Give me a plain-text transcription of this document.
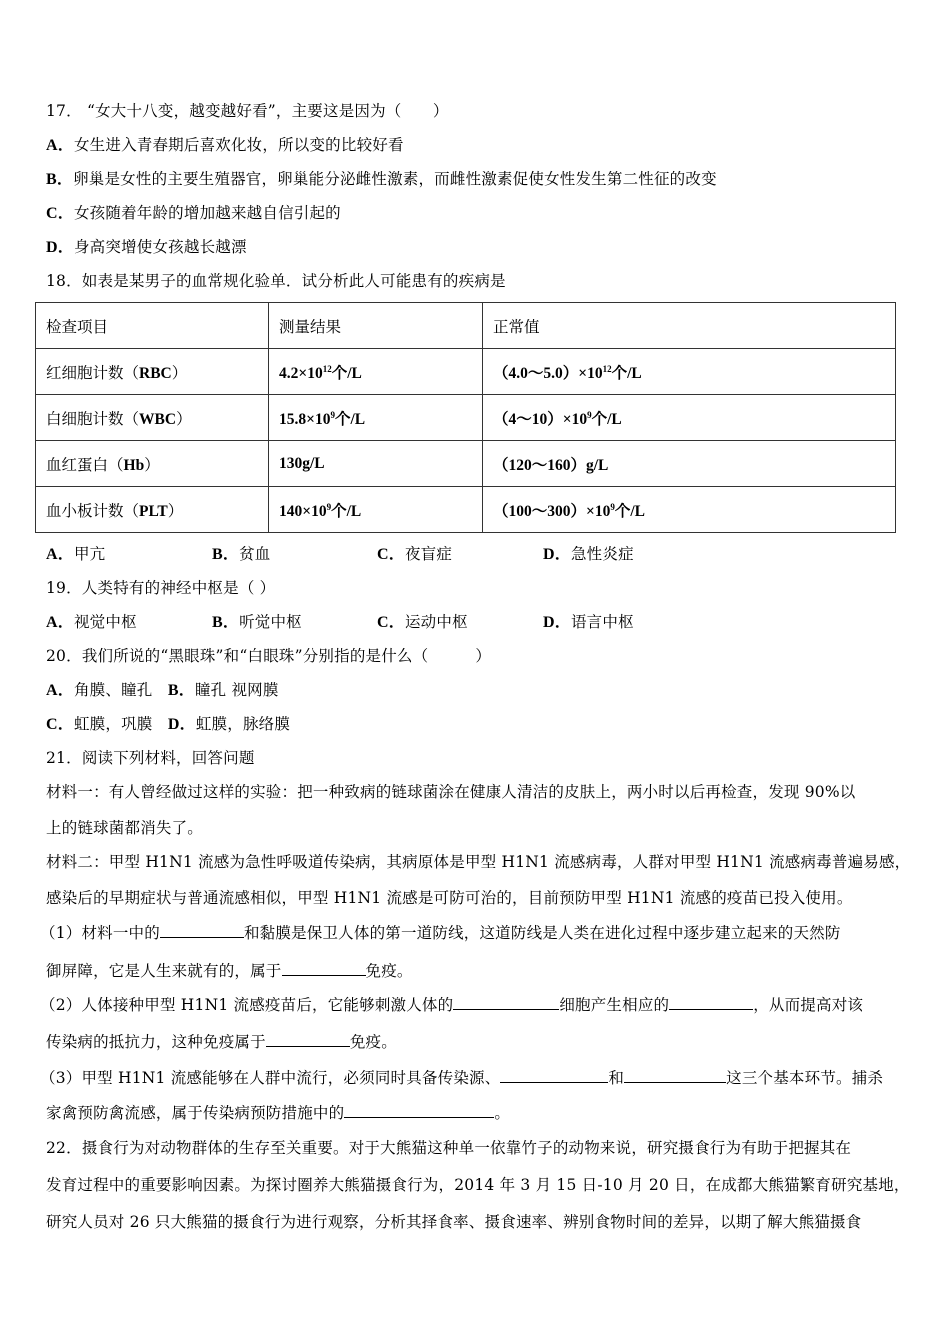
17． “女大十八变，越变越好看”，主要这是因为（　　）
A．女生进入青春期后喜欢化妆，所以变的比较好看
B．卵巢是女性的主要生殖器官，卵巢能分泌雌性激素，而雌性激素促使女性发生第二性征的改变
C．女孩随着年龄的增加越来越自信引起的
D．身高突增使女孩越长越漂
18．如表是某男子的血常规化验单．试分析此人可能患有的疾病是
检查项目	测量结果	正常值
红细胞计数（RBC）	$4.2\times 10^{12}$个/L	$(4.0\sim 5.0)\times 10^{12}$个/L
白细胞计数（WBC）	$15.8\times 10^9$个/L	$(4\sim 10)\times 10^9$个/L
血红蛋白（Hb）	130g/L	（120～160）g/L
血小板计数（PLT）	$140\times 10^9$个/L	$(100\sim 300)\times 10^9$个/L
A．甲亢	B．贫血	C．夜盲症	D．急性炎症
19．人类特有的神经中枢是（ ）
A．视觉中枢	B．听觉中枢	C．运动中枢	D．语言中枢
20．我们所说的“黑眼珠”和“白眼珠”分别指的是什么（　　　）
A．角膜、瞳孔 B．瞳孔 视网膜
C．虹膜，巩膜 D．虹膜，脉络膜
21．阅读下列材料，回答问题
材料一：有人曾经做过这样的实验：把一种致病的链球菌涂在健康人清洁的皮肤上，两小时以后再检查，发现 90%以
上的链球菌都消失了。
材料二：甲型 H1N1 流感为急性呼吸道传染病，其病原体是甲型 H1N1 流感病毒，人群对甲型 H1N1 流感病毒普遍易感，
感染后的早期症状与普通流感相似，甲型 H1N1 流感是可防可治的，目前预防甲型 H1N1 流感的疫苗已投入使用。
（1）材料一中的	和黏膜是保卫人体的第一道防线，这道防线是人类在进化过程中逐步建立起来的天然防
御屏障，它是人生来就有的，属于	免疫。
（2）人体接种甲型 H1N1 流感疫苗后，它能够刺激人体的	细胞产生相应的	，从而提高对该
传染病的抵抗力，这种免疫属于	免疫。
（3）甲型 H1N1 流感能够在人群中流行，必须同时具备传染源、	和	这三个基本环节。捕杀
家禽预防禽流感，属于传染病预防措施中的	。
22．摄食行为对动物群体的生存至关重要。对于大熊猫这种单一依靠竹子的动物来说，研究摄食行为有助于把握其在
发育过程中的重要影响因素。为探讨圈养大熊猫摄食行为，2014 年 3 月 15 日-10 月 20 日，在成都大熊猫繁育研究基地，
研究人员对 26 只大熊猫的摄食行为进行观察，分析其择食率、摄食速率、辨别食物时间的差异，以期了解大熊猫摄食
